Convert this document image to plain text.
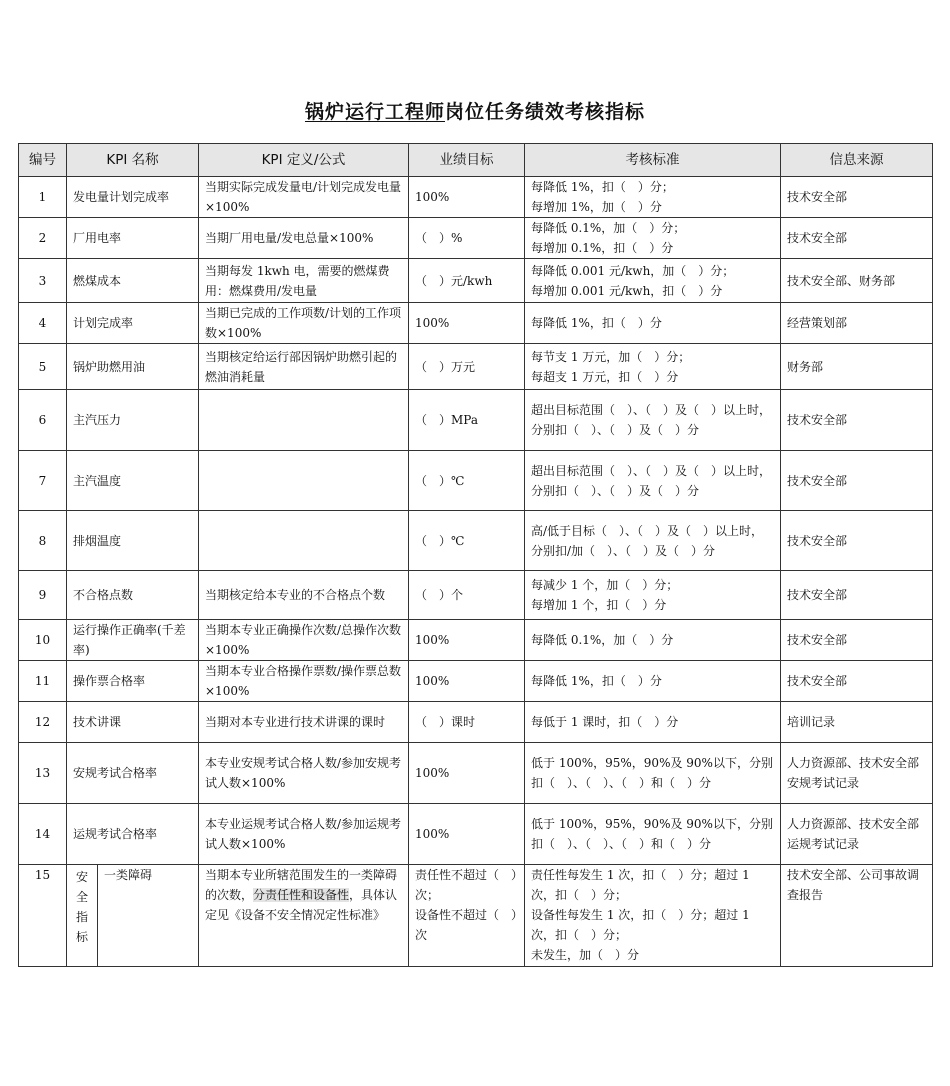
锅炉运行工程师岗位任务绩效考核指标
编号	KPI 名称		KPI 定义/公式	业绩目标	考核标准	信息来源
1	发电量计划完成率		当期实际完成发量电/计划完成发电量×100%	100%	每降低 1%，扣（　）分；
每增加 1%，加（　）分	技术安全部
2	厂用电率		当期厂用电量/发电总量×100%	（　）%	每降低 0.1%，加（　）分；
每增加 0.1%，扣（　）分	技术安全部
3	燃煤成本		当期每发 1kwh 电，需要的燃煤费用：燃煤费用/发电量	（　）元/kwh	每降低 0.001 元/kwh，加（　）分；
每增加 0.001 元/kwh，扣（　）分	技术安全部、财务部
4	计划完成率		当期已完成的工作项数/计划的工作项数×100%	100%	每降低 1%，扣（　）分	经营策划部
5	锅炉助燃用油		当期核定给运行部因锅炉助燃引起的燃油消耗量	（　）万元	每节支 1 万元，加（　）分；
每超支 1 万元，扣（　）分	财务部
6	主汽压力			（　）MPa	超出目标范围（　）、（　）及（　）以上时，分别扣（　）、（　）及（　）分	技术安全部
7	主汽温度			（　）℃	超出目标范围（　）、（　）及（　）以上时，分别扣（　）、（　）及（　）分	技术安全部
8	排烟温度			（　）℃	高/低于目标（　）、（　）及（　）以上时，分别扣/加（　）、（　）及（　）分	技术安全部
9	不合格点数		当期核定给本专业的不合格点个数	（　）个	每减少 1 个，加（　）分；
每增加 1 个，扣（　）分	技术安全部
10	运行操作正确率(千差率)		当期本专业正确操作次数/总操作次数×100%	100%	每降低 0.1%，加（　）分	技术安全部
11	操作票合格率		当期本专业合格操作票数/操作票总数×100%	100%	每降低 1%，扣（　）分	技术安全部
12	技术讲课		当期对本专业进行技术讲课的课时	（　）课时	每低于 1 课时，扣（　）分	培训记录
13	安规考试合格率		本专业安规考试合格人数/参加安规考试人数×100%	100%	低于 100%，95%，90%及 90%以下，分别扣（　）、（　）、（　）和（　）分	人力资源部、技术安全部安规考试记录
14	运规考试合格率		本专业运规考试合格人数/参加运规考试人数×100%	100%	低于 100%，95%，90%及 90%以下，分别扣（　）、（　）、（　）和（　）分	人力资源部、技术安全部运规考试记录
15	安全指标	一类障碍	当期本专业所辖范围发生的一类障碍的次数，分责任性和设备性，具体认定见《设备不安全情况定性标准》	责任性不超过（　）次；
设备性不超过（　）次	责任性每发生 1 次，扣（　）分；超过 1 次，扣（　）分；
设备性每发生 1 次，扣（　）分；超过 1 次，扣（　）分；
未发生，加（　）分	技术安全部、公司事故调查报告
